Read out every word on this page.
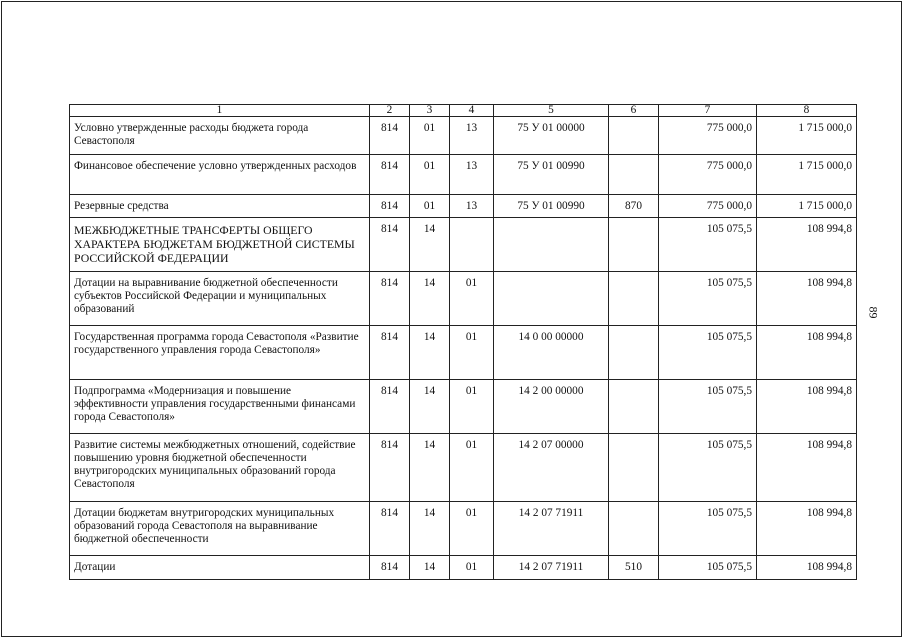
89
1	2	3	4	5	6	7	8
Условно утвержденные расходы бюджета города Севастополя	814	01	13	75 У 01 00000		775 000,0	1 715 000,0
Финансовое обеспечение условно утвержденных расходов	814	01	13	75 У 01 00990		775 000,0	1 715 000,0
Резервные средства	814	01	13	75 У 01 00990	870	775 000,0	1 715 000,0
МЕЖБЮДЖЕТНЫЕ ТРАНСФЕРТЫ ОБЩЕГО ХАРАКТЕРА БЮДЖЕТАМ БЮДЖЕТНОЙ СИСТЕМЫ РОССИЙСКОЙ ФЕДЕРАЦИИ	814	14				105 075,5	108 994,8
Дотации на выравнивание бюджетной обеспеченности субъектов Российской Федерации и муниципальных образований	814	14	01			105 075,5	108 994,8
Государственная программа города Севастополя «Развитие государственного управления города Севастополя»	814	14	01	14 0 00 00000		105 075,5	108 994,8
Подпрограмма «Модернизация и повышение эффективности управления государственными финансами города Севастополя»	814	14	01	14 2 00 00000		105 075,5	108 994,8
Развитие системы межбюджетных отношений, содействие повышению уровня бюджетной обеспеченности внутригородских муниципальных образований города Севастополя	814	14	01	14 2 07 00000		105 075,5	108 994,8
Дотации бюджетам внутригородских муниципальных образований города Севастополя на выравнивание бюджетной обеспеченности	814	14	01	14 2 07 71911		105 075,5	108 994,8
Дотации	814	14	01	14 2 07 71911	510	105 075,5	108 994,8
